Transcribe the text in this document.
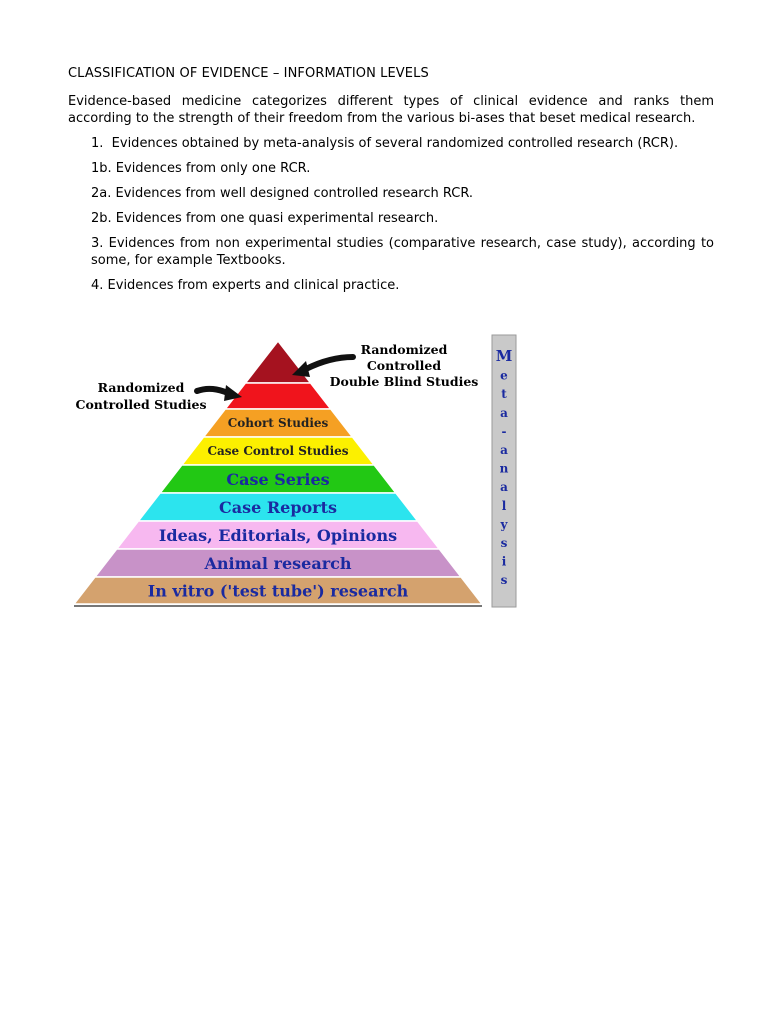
CLASSIFICATION OF EVIDENCE – INFORMATION LEVELS

Evidence-based medicine categorizes different types of clinical evidence and ranks them according to the strength of their freedom from the various bi-ases that beset medical research.

1.  Evidences obtained by meta-analysis of several randomized controlled research (RCR).
1b. Evidences from only one RCR.
2a. Evidences from well designed controlled research RCR.
2b. Evidences from one quasi experimental research.
3. Evidences from non experimental studies (comparative research, case study), according to some, for example Textbooks.
4. Evidences from experts and clinical practice.
Cohort Studies
Case Control Studies
Case Series
Case Reports
Ideas, Editorials, Opinions
Animal research
In vitro ('test tube') research
Randomized
Controlled
Double Blind Studies
Randomized
Controlled Studies
M
e
t
a
-
a
n
a
l
y
s
i
s
